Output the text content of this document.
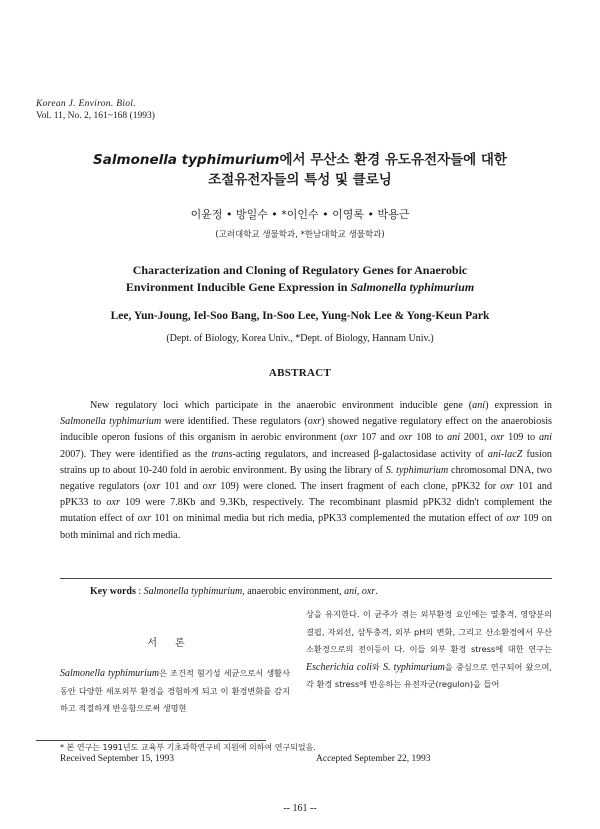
Korean J. Environ. Biol.
Vol. 11, No. 2, 161~168 (1993)
Salmonella typhimurium에서 무산소 환경 유도유전자들에 대한
조절유전자들의 특성 및 클로닝
이윤정 • 방일수 • *이인수 • 이영록 • 박용근
(고려대학교 생물학과, *한남대학교 생물학과)
Characterization and Cloning of Regulatory Genes for Anaerobic
Environment Inducible Gene Expression in Salmonella typhimurium
Lee, Yun-Joung, Iel-Soo Bang, In-Soo Lee, Yung-Nok Lee & Yong-Keun Park
(Dept. of Biology, Korea Univ., *Dept. of Biology, Hannam Univ.)
ABSTRACT
New regulatory loci which participate in the anaerobic environment inducible gene (ani) expression in Salmonella typhimurium were identified. These regulators (oxr) showed negative regulatory effect on the anaerobiosis inducible operon fusions of this organism in aerobic environment (oxr 107 and oxr 108 to ani 2001, oxr 109 to ani 2007). They were identified as the trans-acting regulators, and increased β-galactosidase activity of ani-lacZ fusion strains up to about 10-240 fold in aerobic environment. By using the library of S. typhimurium chromosomal DNA, two negative regulators (oxr 101 and oxr 109) were cloned. The insert fragment of each clone, pPK32 for oxr 101 and pPK33 to oxr 109 were 7.8Kb and 9.3Kb, respectively. The recombinant plasmid pPK32 didn't complement the mutation effect of oxr 101 on minimal media but rich media, pPK33 complemented the mutation effect of oxr 109 on both minimal and rich media.
Key words : Salmonella typhimurium, anaerobic environment, ani, oxr.
서론
Salmonella typhimurium은 조건적 혐기성 세균으로서 생활사동안 다양한 세포외부 환경을 경험하게 되고 이 환경변화를 감지하고 적절하게 반응함으로써 생명현
상을 유지한다. 이 균주가 겪는 외부환경 요인에는 열충격, 영양분의 결핍, 자외선, 삼투충격, 외부 pH의 변화, 그리고 산소환경에서 무산소환경으로의 전이등이 다. 이들 외부 환경 stress에 대한 연구는 Escherichia coli와 S. typhimurium을 중심으로 연구되어 왔으며, 각 환경 stress에 반응하는 유전자군(regulon)을 들어
* 본 연구는 1991년도 교육부 기초과학연구비 지원에 의하여 연구되었음.
Received September 15, 1993	Accepted September 22, 1993
-- 161 --
